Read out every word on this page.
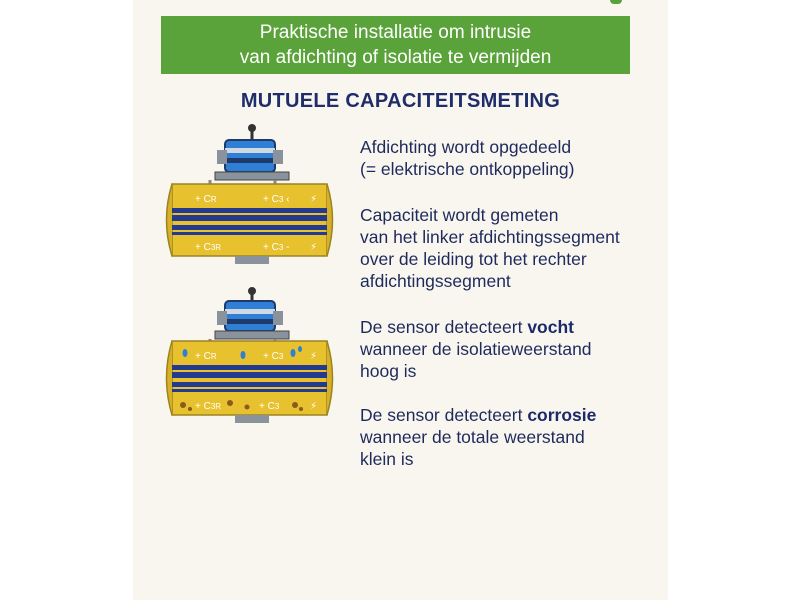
Praktische installatie om intrusie
van afdichting of isolatie te vermijden
MUTUELE CAPACITEITSMETING
+ CR	+ C3 ‹
+ C3R	+ C3 -
⚡
⚡
+ CR	+ C3
+ C3R	+ C3
⚡
⚡
Afdichting wordt opgedeeld
(= elektrische ontkoppeling)
Capaciteit wordt gemeten
van het linker afdichtingssegment
over de leiding tot het rechter
afdichtingssegment
De sensor detecteert vocht
wanneer de isolatieweerstand
hoog is
De sensor detecteert corrosie
wanneer de totale weerstand
klein is
